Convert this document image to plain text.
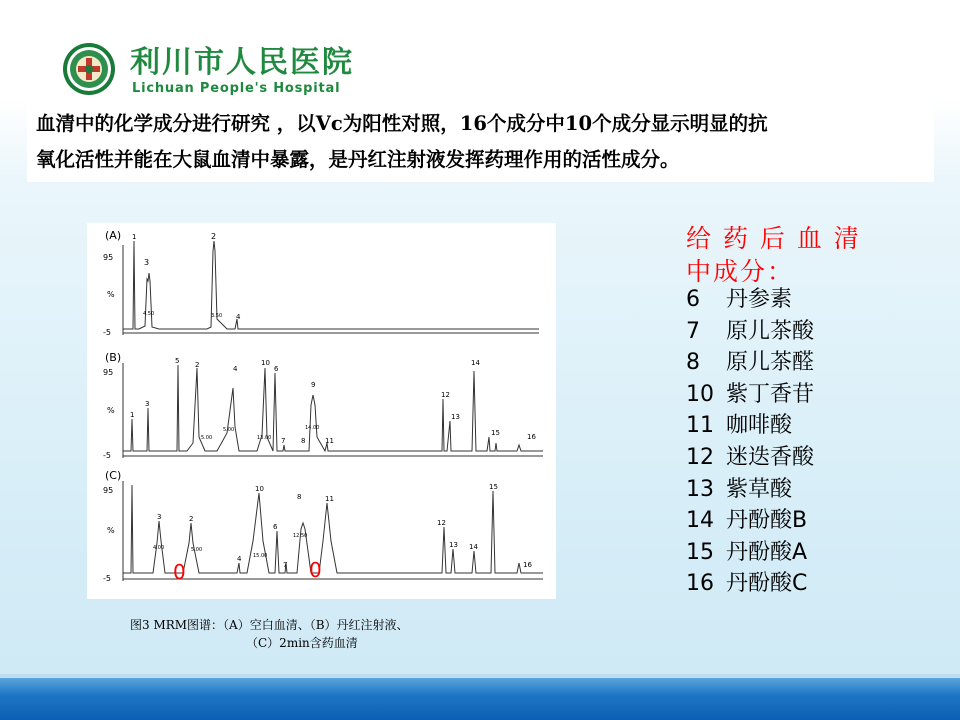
利川市人民医院
Lichuan People's Hospital
血清中的化学成分进行研究 ，以Vc为阳性对照，16个成分中10个成分显示明显的抗
氧化活性并能在大鼠血清中暴露，是丹红注射液发挥药理作用的活性成分。
(A)
95
%
-5
1
3
2
4
4.50	3.50
(B)
95
%
-5
1
3
5 2	4
10
6
9
7 8	11
12
13
14
15	16
5.00
5.00
13.00
14.00
(C)
95
%
-5
3	2
4
10
6
7
8	11
12
13 14
15
16
4.00	5.00
15.00
12.50
0	0
图3 MRM图谱：（A）空白血清、（B）丹红注射液、
（C）2min含药血清
给 药 后 血 清
中成分：
6 丹参素
7 原儿茶酸
8 原儿茶醛
10 紫丁香苷
11 咖啡酸
12 迷迭香酸
13 紫草酸
14 丹酚酸B
15 丹酚酸A
16 丹酚酸C
